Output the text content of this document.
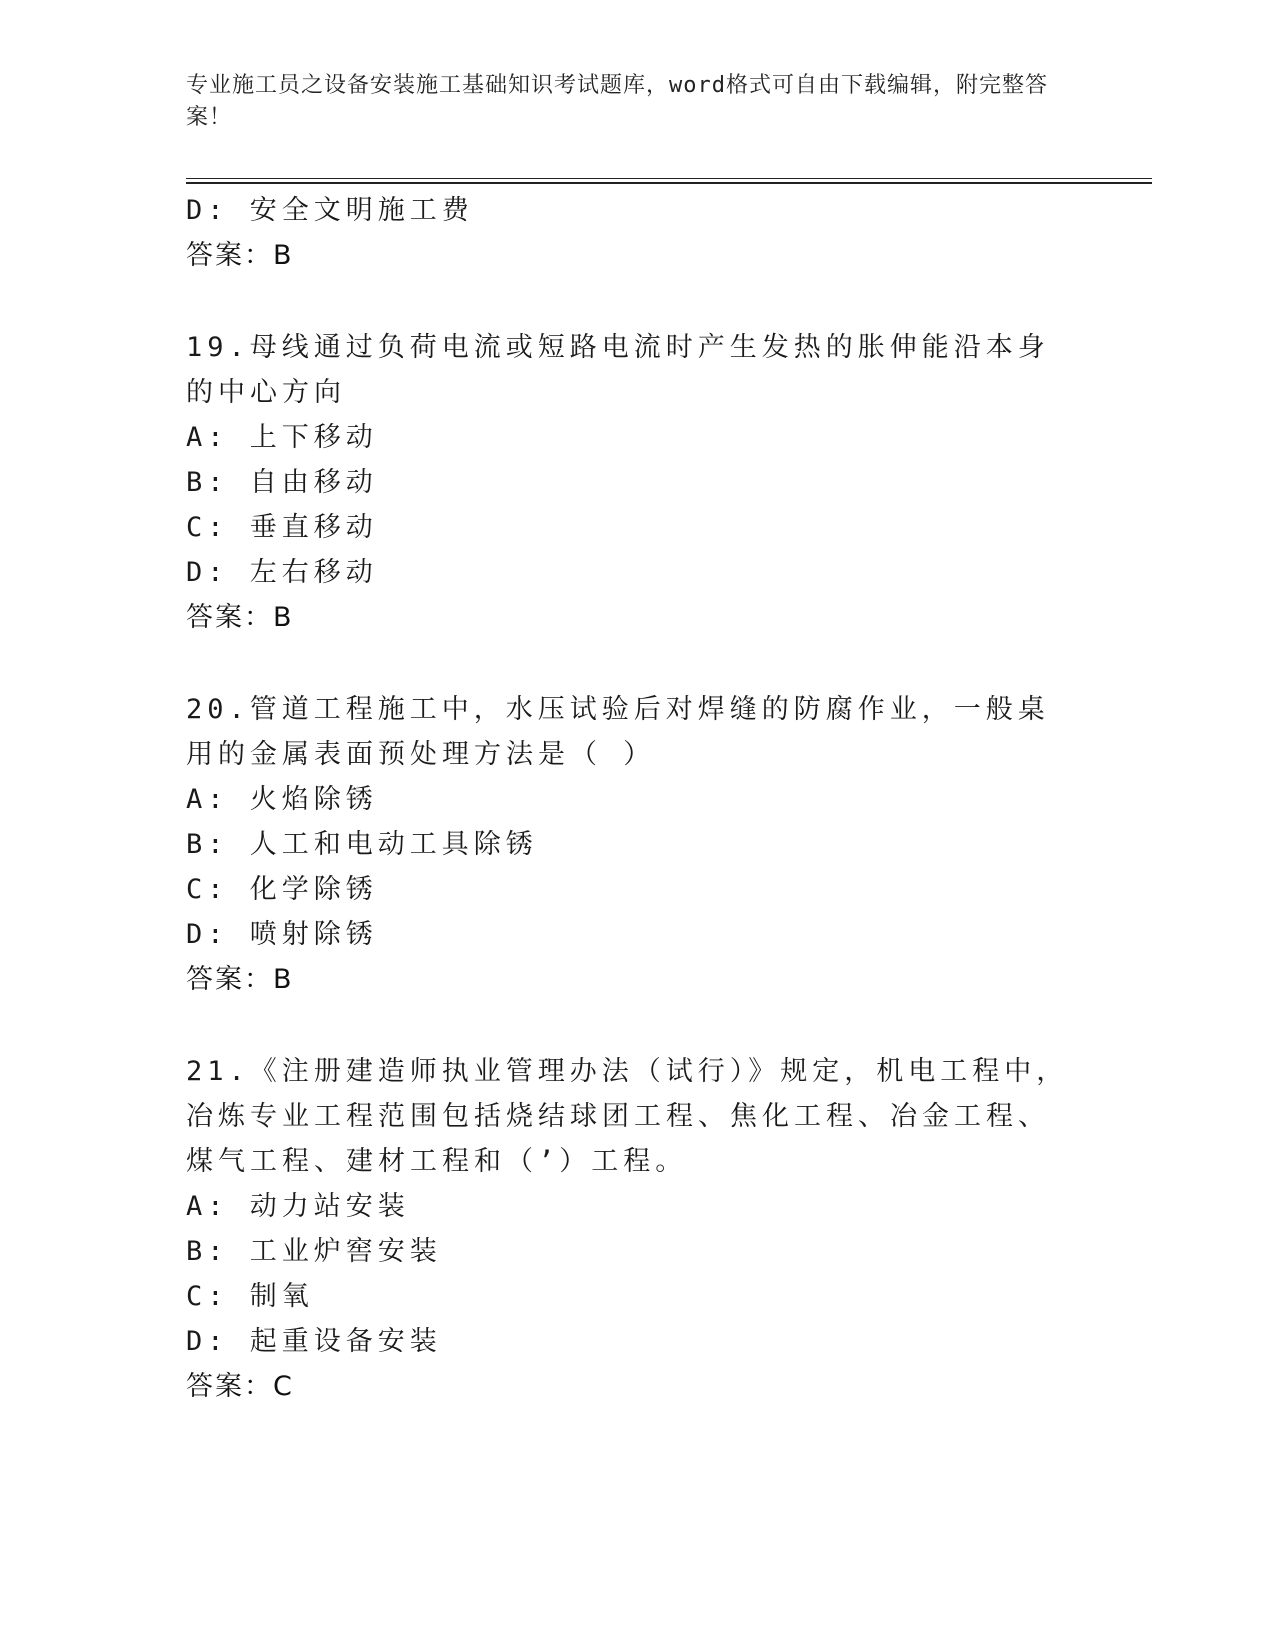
专业施工员之设备安装施工基础知识考试题库，word格式可自由下载编辑，附完整答案！
D: 安全文明施工费
答案：B
19.母线通过负荷电流或短路电流时产生发热的胀伸能沿本身的中心方向
A: 上下移动
B: 自由移动
C: 垂直移动
D: 左右移动
答案：B
20.管道工程施工中，水压试验后对焊缝的防腐作业，一般桌用的金属表面预处理方法是（ ）
A: 火焰除锈
B: 人工和电动工具除锈
C: 化学除锈
D: 喷射除锈
答案：B
21.《注册建造师执业管理办法（试行）》规定，机电工程中，冶炼专业工程范围包括烧结球团工程、焦化工程、冶金工程、煤气工程、建材工程和（’）工程。
A: 动力站安装
B: 工业炉窖安装
C: 制氧
D: 起重设备安装
答案：C
